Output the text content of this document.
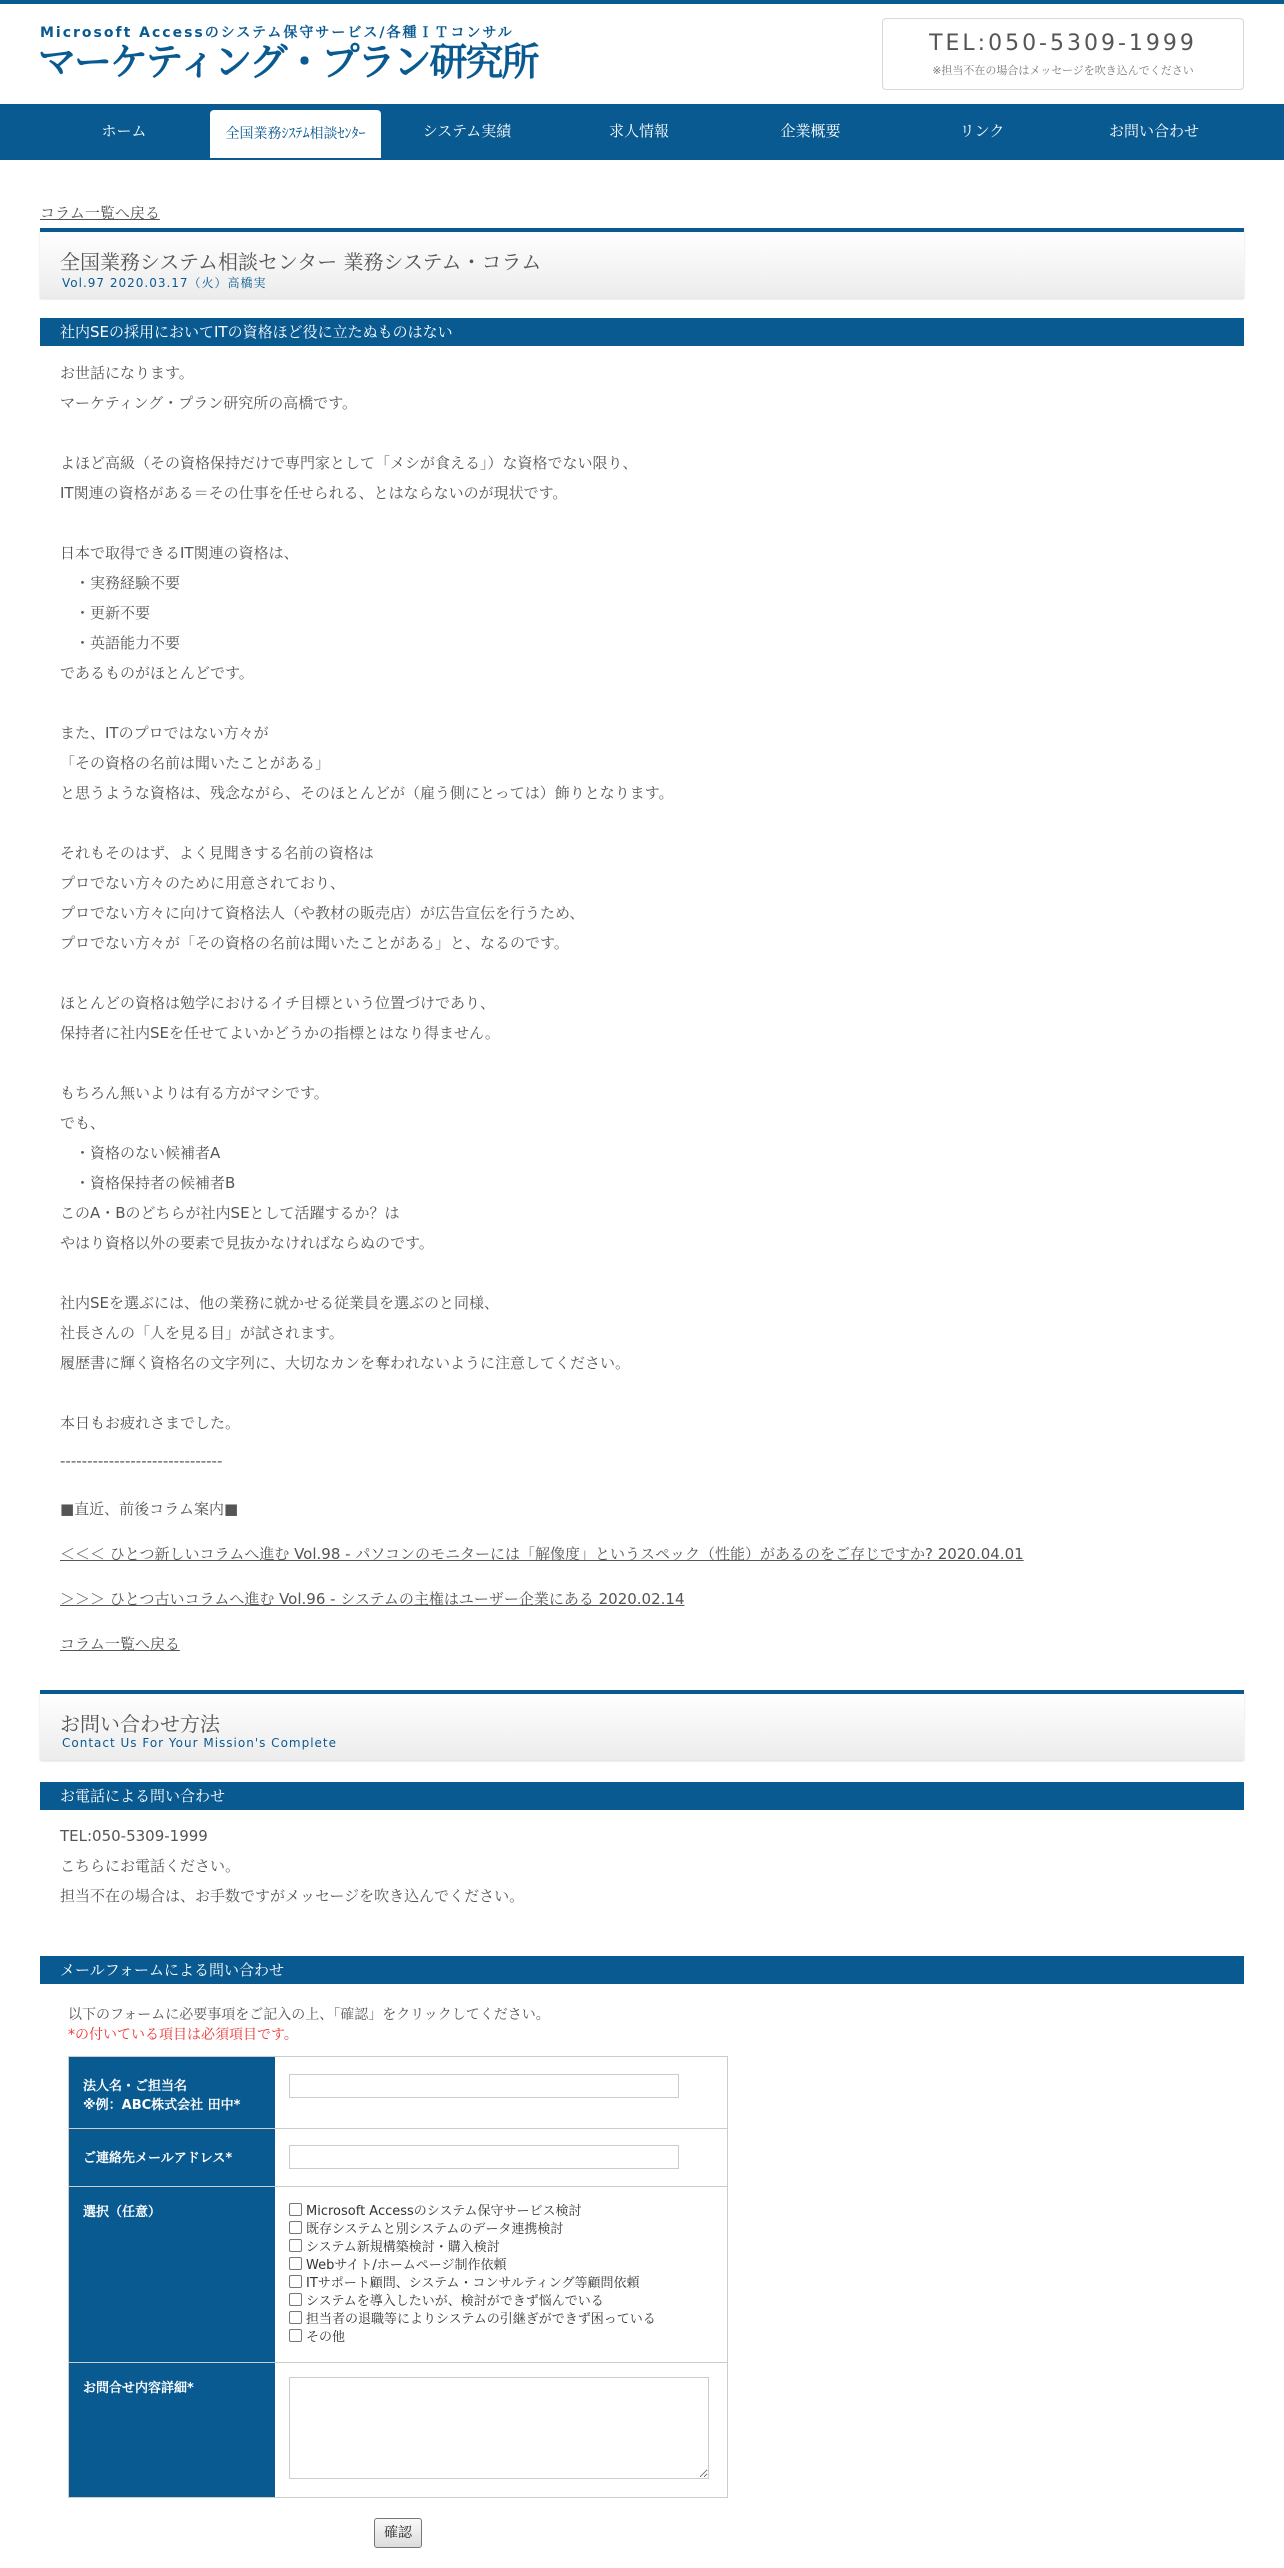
Microsoft Accessのシステム保守サービス/各種ＩＴコンサル
マーケティング・プラン研究所	TEL:050-5309-1999
※担当不在の場合はメッセージを吹き込んでください
ホーム	全国業務ｼｽﾃﾑ相談ｾﾝﾀｰ	システム実績	求人情報	企業概要	リンク	お問い合わせ
コラム一覧へ戻る
全国業務システム相談センター 業務システム・コラム
Vol.97 2020.03.17（火）高橋実
社内SEの採用においてITの資格ほど役に立たぬものはない
お世話になります。
マーケティング・プラン研究所の高橋です。
よほど高級（その資格保持だけで専門家として「メシが食える」）な資格でない限り、
IT関連の資格がある＝その仕事を任せられる、とはならないのが現状です。
日本で取得できるIT関連の資格は、
　・実務経験不要
　・更新不要
　・英語能力不要
であるものがほとんどです。
また、ITのプロではない方々が
「その資格の名前は聞いたことがある」
と思うような資格は、残念ながら、そのほとんどが（雇う側にとっては）飾りとなります。
それもそのはず、よく見聞きする名前の資格は
プロでない方々のために用意されており、
プロでない方々に向けて資格法人（や教材の販売店）が広告宣伝を行うため、
プロでない方々が「その資格の名前は聞いたことがある」と、なるのです。
ほとんどの資格は勉学におけるイチ目標という位置づけであり、
保持者に社内SEを任せてよいかどうかの指標とはなり得ません。
もちろん無いよりは有る方がマシです。
でも、
　・資格のない候補者A
　・資格保持者の候補者B
このA・Bのどちらが社内SEとして活躍するか？は
やはり資格以外の要素で見抜かなければならぬのです。
社内SEを選ぶには、他の業務に就かせる従業員を選ぶのと同様、
社長さんの「人を見る目」が試されます。
履歴書に輝く資格名の文字列に、大切なカンを奪われないように注意してください。
本日もお疲れさまでした。
------------------------------
■直近、前後コラム案内■
＜＜＜ ひとつ新しいコラムへ進む Vol.98 - パソコンのモニターには「解像度」というスペック（性能）があるのをご存じですか? 2020.04.01
＞＞＞ ひとつ古いコラムへ進む Vol.96 - システムの主権はユーザー企業にある 2020.02.14
コラム一覧へ戻る
お問い合わせ方法
Contact Us For Your Mission's Complete
お電話による問い合わせ
TEL:050-5309-1999
こちらにお電話ください。
担当不在の場合は、お手数ですがメッセージを吹き込んでください。
メールフォームによる問い合わせ
以下のフォームに必要事項をご記入の上、「確認」をクリックしてください。
*の付いている項目は必須項目です。
法人名・ご担当名
※例：ABC株式会社 田中*
ご連絡先メールアドレス*
選択（任意）	Microsoft Accessのシステム保守サービス検討
既存システムと別システムのデータ連携検討
システム新規構築検討・購入検討
Webサイト/ホームページ制作依頼
ITサポート顧問、システム・コンサルティング等顧問依頼
システムを導入したいが、検討ができず悩んでいる
担当者の退職等によりシステムの引継ぎができず困っている
その他
お問合せ内容詳細*
確認
